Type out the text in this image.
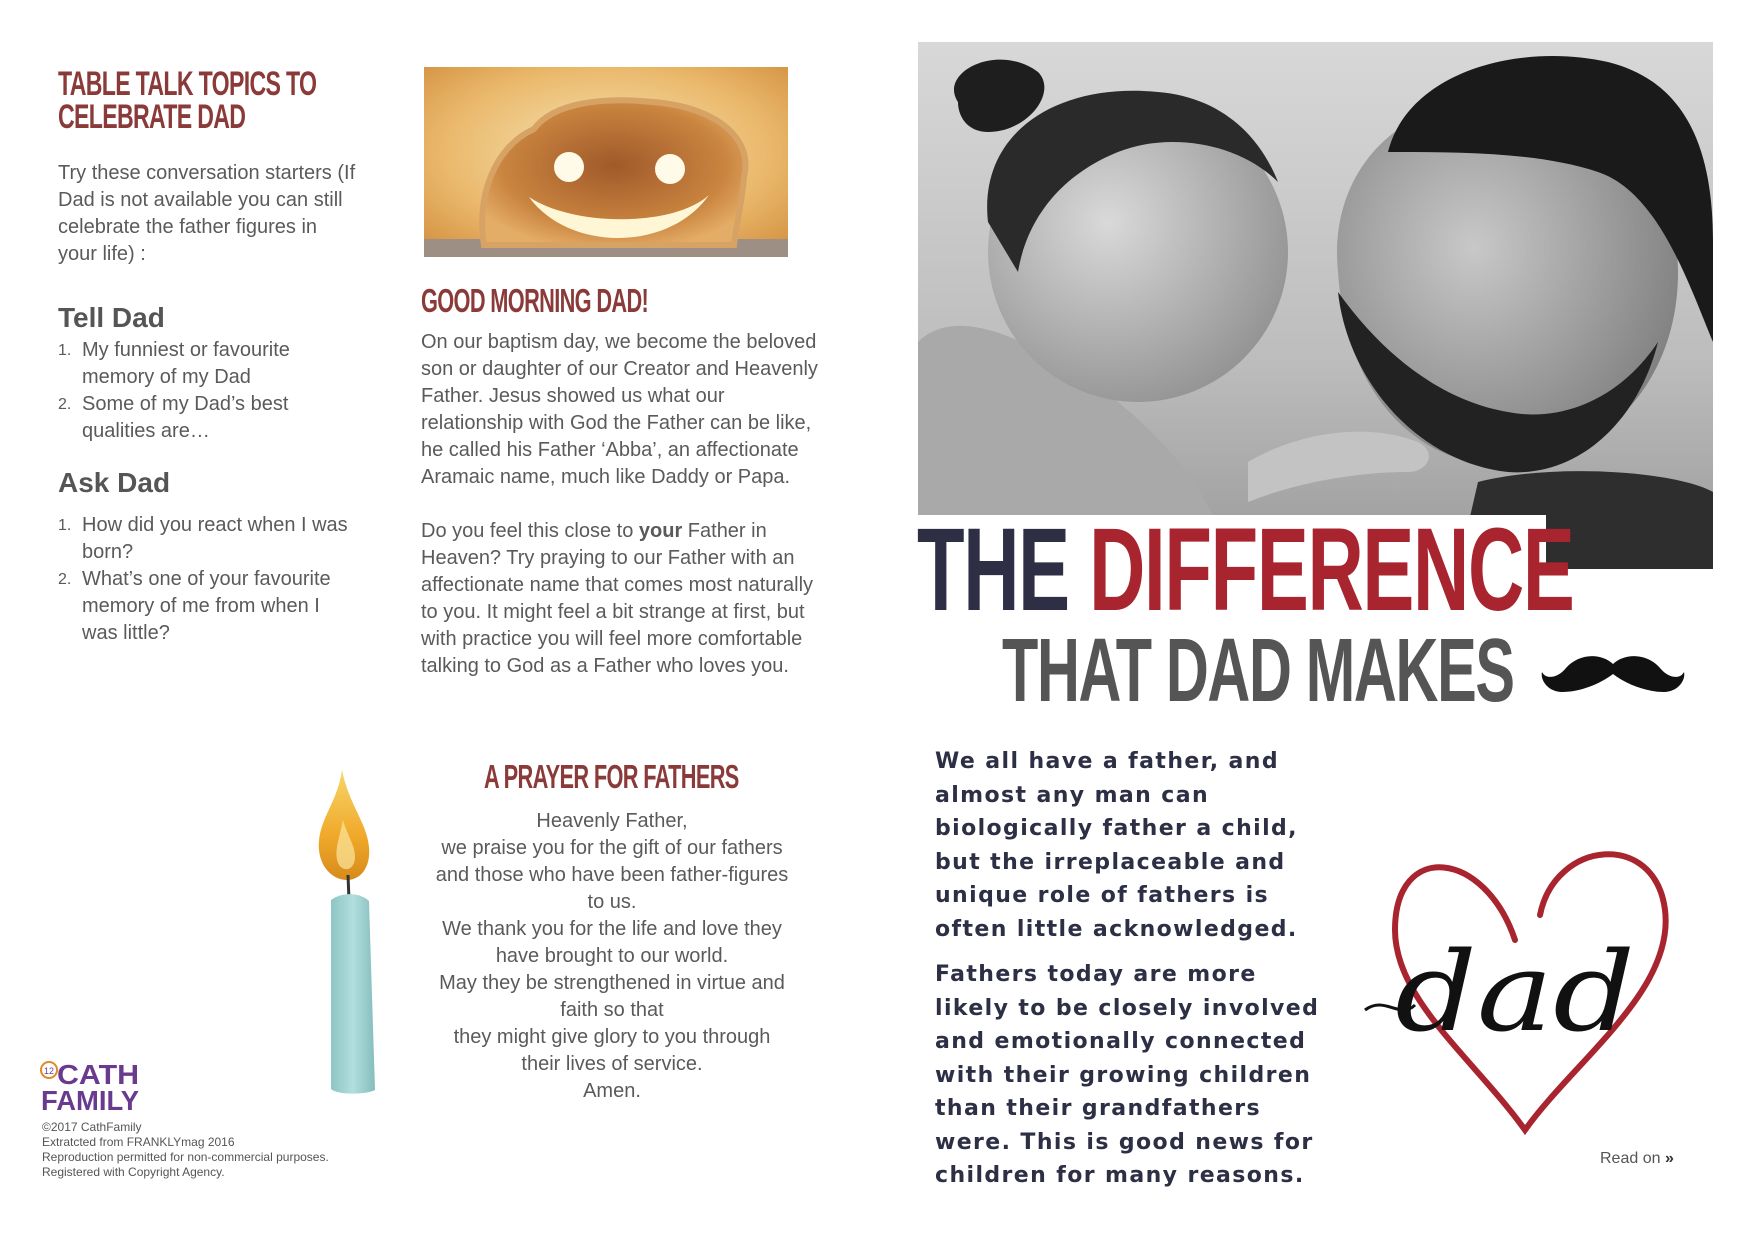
TABLE TALK TOPICS TO
CELEBRATE DAD
Try these conversation starters (If Dad is not available you can still celebrate the father figures in your life) :
Tell Dad
1. My funniest or favourite memory of my Dad
2. Some of my Dad’s best qualities are…
Ask Dad
1. How did you react when I was born?
2. What’s one of your favourite memory of me from when I was little?
12 CATH
FAMILY
©2017 CathFamily
Extratcted from FRANKLYmag 2016
Reproduction permitted for non-commercial purposes.
Registered with Copyright Agency.
GOOD MORNING DAD!

On our baptism day, we become the beloved son or daughter of our Creator and Heavenly Father. Jesus showed us what our relationship with God the Father can be like, he called his Father ‘Abba’, an affectionate Aramaic name, much like Daddy or Papa.

Do you feel this close to your Father in Heaven? Try praying to our Father with an affectionate name that comes most naturally to you. It might feel a bit strange at first, but with practice you will feel more comfortable talking to God as a Father who loves you.

A PRAYER FOR FATHERS
Heavenly Father,
we praise you for the gift of our fathers
and those who have been father-figures
to us.
We thank you for the life and love they
have brought to our world.
May they be strengthened in virtue and
faith so that
they might give glory to you through
their lives of service.
Amen.
THE DIFFERENCE
THAT DAD MAKES

We all have a father, and almost any man can biologically father a child, but the irreplaceable and unique role of fathers is often little acknowledged.

Fathers today are more likely to be closely involved and emotionally connected with their growing children than their grandfathers were. This is good news for children for many reasons.

dad
Read on »
